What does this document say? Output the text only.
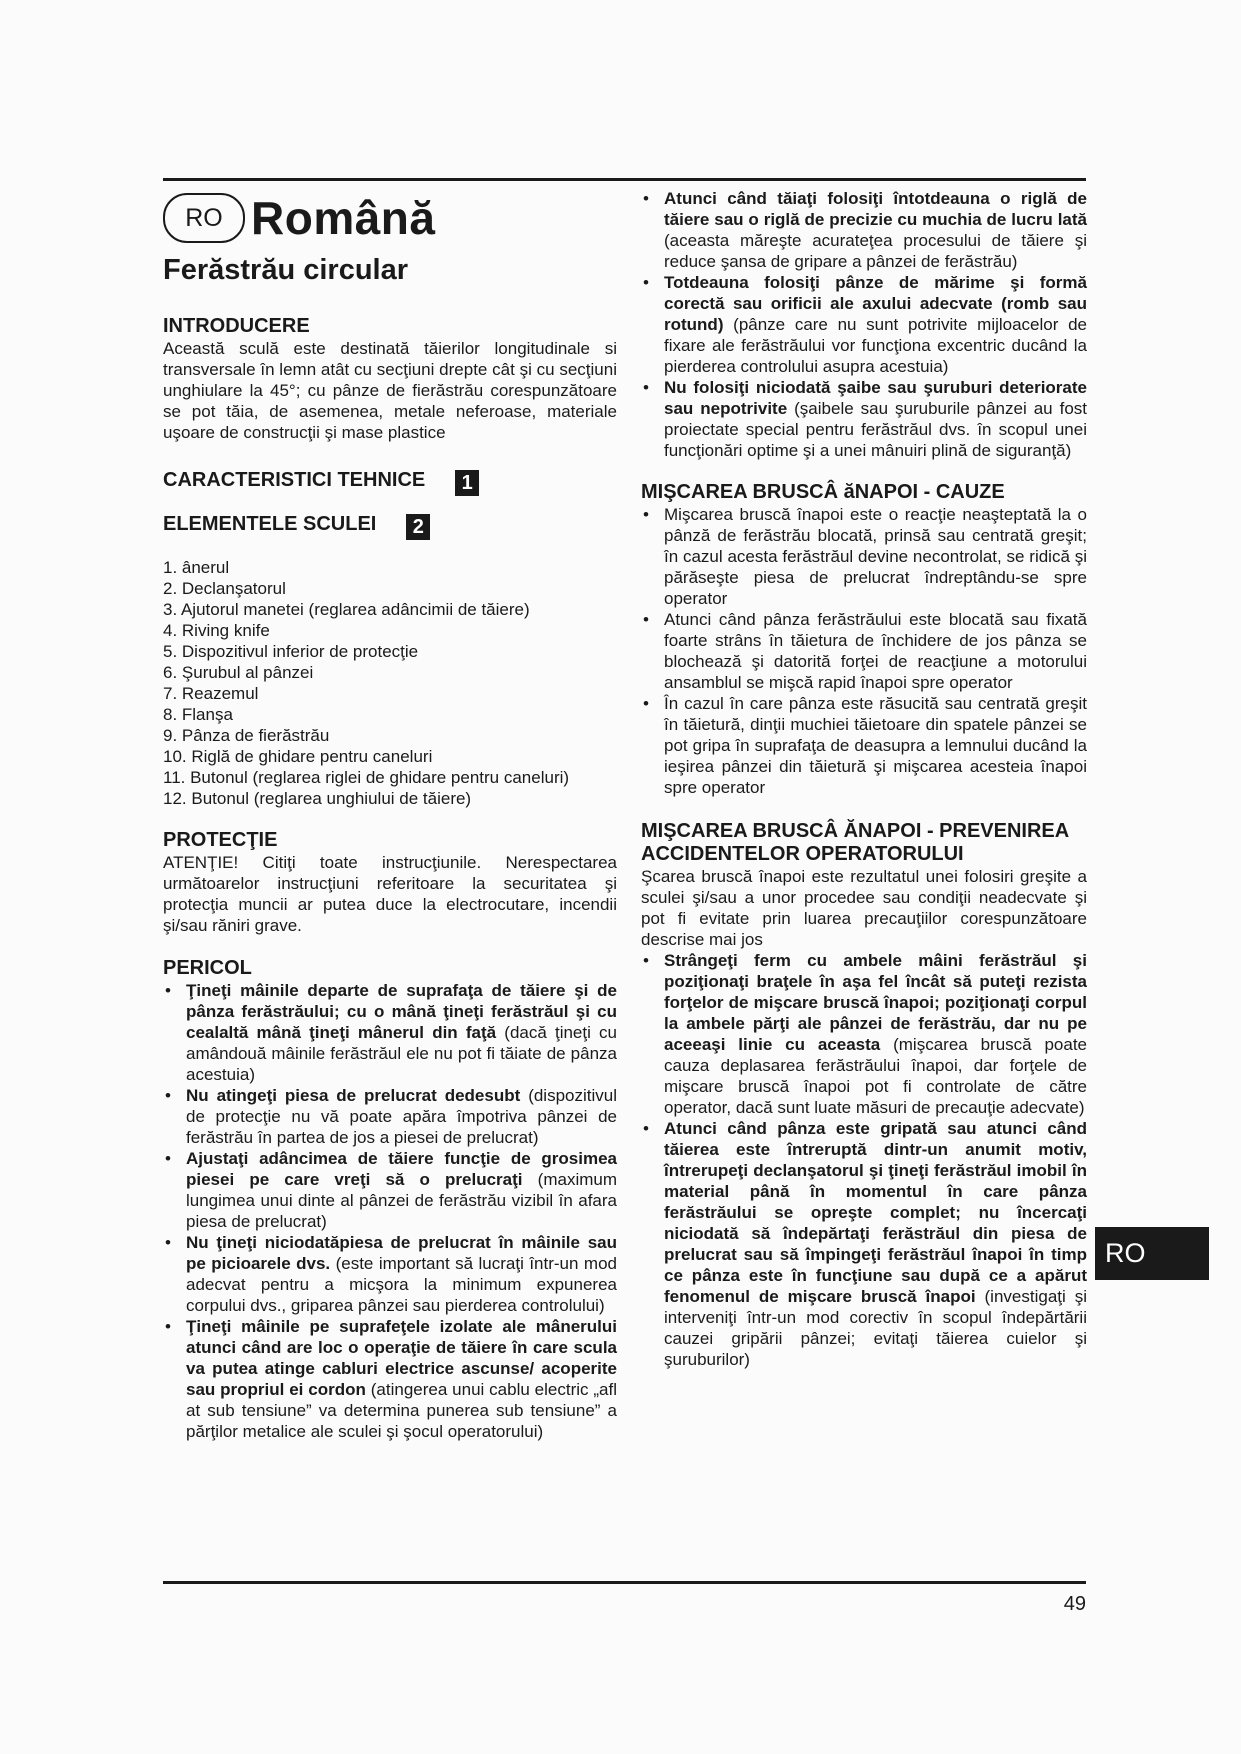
RO Română
Ferăstrău circular
INTRODUCERE

Această sculă este destinată tăierilor longitudinale si transversale în lemn atât cu secţiuni drepte cât şi cu secţiuni unghiulare la 45°; cu pânze de fierăstrău corespunzătoare se pot tăia, de asemenea, metale neferoase, materiale uşoare de construcţii şi mase plastice

CARACTERISTICI TEHNICE 1
ELEMENTELE SCULEI 2
1. ânerul
2. Declanşatorul
3. Ajutorul manetei (reglarea adâncimii de tăiere)
4. Riving knife
5. Dispozitivul inferior de protecţie
6. Şurubul al pânzei
7. Reazemul
8. Flanşa
9. Pânza de fierăstrău
10. Riglă de ghidare pentru caneluri
11. Butonul (reglarea riglei de ghidare pentru caneluri)
12. Butonul (reglarea unghiului de tăiere)
PROTECŢIE

ATENŢIE! Citiţi toate instrucţiunile. Nerespectarea următoarelor instrucţiuni referitoare la securitatea şi protecţia muncii ar putea duce la electrocutare, incendii şi/sau răniri grave.

PERICOL
• Ţineţi mâinile departe de suprafaţa de tăiere şi de pânza ferăstrăului; cu o mână ţineţi ferăstrăul şi cu cealaltă mână ţineţi mânerul din faţă (dacă ţineţi cu amândouă mâinile ferăstrăul ele nu pot fi tăiate de pânza acestuia)
• Nu atingeţi piesa de prelucrat dedesubt (dispozitivul de protecţie nu vă poate apăra împotriva pânzei de ferăstrău în partea de jos a piesei de prelucrat)
• Ajustaţi adâncimea de tăiere funcţie de grosimea piesei pe care vreţi să o prelucraţi (maximum lungimea unui dinte al pânzei de ferăstrău vizibil în afara piesa de prelucrat)
• Nu ţineţi niciodatăpiesa de prelucrat în mâinile sau pe picioarele dvs. (este important să lucraţi într-un mod adecvat pentru a micşora la minimum expunerea corpului dvs., griparea pânzei sau pierderea controlului)
• Ţineţi mâinile pe suprafeţele izolate ale mânerului atunci când are loc o operaţie de tăiere în care scula va putea atinge cabluri electrice ascunse/ acoperite sau propriul ei cordon (atingerea unui cablu electric „afl at sub tensiune” va determina punerea sub tensiune” a părţilor metalice ale sculei şi şocul operatorului)
• Atunci când tăiaţi folosiţi întotdeauna o riglă de tăiere sau o riglă de precizie cu muchia de lucru lată (aceasta măreşte acurateţea procesului de tăiere şi reduce şansa de gripare a pânzei de ferăstrău)
• Totdeauna folosiţi pânze de mărime şi formă corectă sau orificii ale axului adecvate (romb sau rotund) (pânze care nu sunt potrivite mijloacelor de fixare ale ferăstrăului vor funcţiona excentric ducând la pierderea controlului asupra acestuia)
• Nu folosiţi niciodată şaibe sau şuruburi deteriorate sau nepotrivite (şaibele sau şuruburile pânzei au fost proiectate special pentru ferăstrăul dvs. în scopul unei funcţionări optime şi a unei mânuiri plină de siguranţă)
MIŞCAREA BRUSCÂ ăNAPOI - CAUZE
• Mişcarea bruscă înapoi este o reacţie neaşteptată la o pânză de ferăstrău blocată, prinsă sau centrată greşit; în cazul acesta ferăstrăul devine necontrolat, se ridică şi părăseşte piesa de prelucrat îndreptându-se spre operator
• Atunci când pânza ferăstrăului este blocată sau fixată foarte strâns în tăietura de închidere de jos pânza se blochează şi datorită forţei de reacţiune a motorului ansamblul se mişcă rapid înapoi spre operator
• În cazul în care pânza este răsucită sau centrată greşit în tăietură, dinţii muchiei tăietoare din spatele pânzei se pot gripa în suprafaţa de deasupra a lemnului ducând la ieşirea pânzei din tăietură şi mişcarea acesteia înapoi spre operator
MIŞCAREA BRUSCÂ ĂNAPOI - PREVENIREA ACCIDENTELOR OPERATORULUI

Şcarea bruscă înapoi este rezultatul unei folosiri greşite a sculei şi/sau a unor procedee sau condiţii neadecvate şi pot fi evitate prin luarea precauţiilor corespunzătoare descrise mai jos

• Strângeţi ferm cu ambele mâini ferăstrăul şi poziţionaţi braţele în aşa fel încât să puteţi rezista forţelor de mişcare bruscă înapoi; poziţionaţi corpul la ambele părţi ale pânzei de ferăstrău, dar nu pe aceeaşi linie cu aceasta (mişcarea bruscă poate cauza deplasarea ferăstrăului înapoi, dar forţele de mişcare bruscă înapoi pot fi controlate de către operator, dacă sunt luate măsuri de precauţie adecvate)
• Atunci când pânza este gripată sau atunci când tăierea este întreruptă dintr-un anumit motiv, întrerupeţi declanşatorul şi ţineţi ferăstrăul imobil în material până în momentul în care pânza ferăstrăului se opreşte complet; nu încercaţi niciodată să îndepărtaţi ferăstrăul din piesa de prelucrat sau să împingeţi ferăstrăul înapoi în timp ce pânza este în funcţiune sau după ce a apărut fenomenul de mişcare bruscă înapoi (investigaţi şi interveniţi într-un mod corectiv în scopul îndepărtării cauzei gripării pânzei; evitaţi tăierea cuielor şi şuruburilor)
RO
49
